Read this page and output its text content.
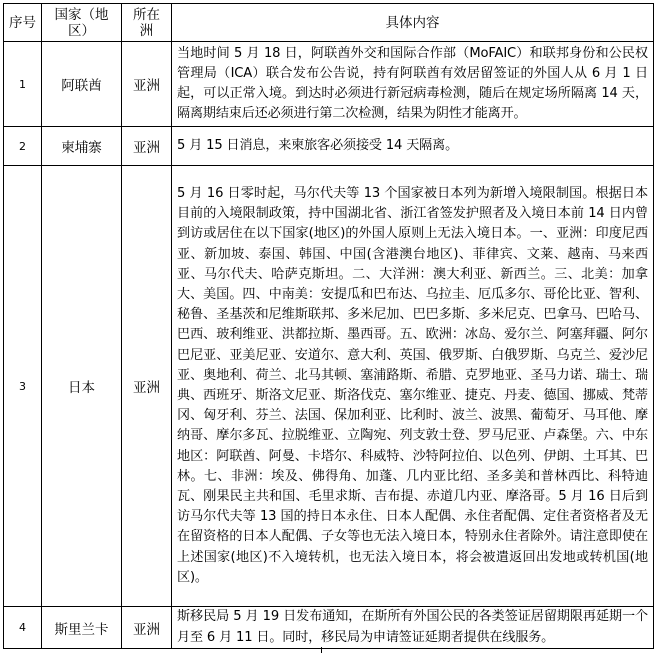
序号	国家（地区）	所在洲	具体内容
1	阿联酋	亚洲	当地时间 5 月 18 日，阿联酋外交和国际合作部（MoFAIC）和联邦身份和公民权管理局（ICA）联合发布公告说，持有阿联酋有效居留签证的外国人从 6 月 1 日起，可以正常入境。到达时必须进行新冠病毒检测，随后在规定场所隔离 14 天，隔离期结束后还必须进行第二次检测，结果为阴性才能离开。
2	柬埔寨	亚洲	5 月 15 日消息，来柬旅客必须接受 14 天隔离。
3	日本	亚洲	5 月 16 日零时起，马尔代夫等 13 个国家被日本列为新增入境限制国。根据日本目前的入境限制政策，持中国湖北省、浙江省签发护照者及入境日本前 14 日内曾到访或居住在以下国家(地区)的外国人原则上无法入境日本。一、亚洲：印度尼西亚、新加坡、泰国、韩国、中国(含港澳台地区)、菲律宾、文莱、越南、马来西亚、马尔代夫、哈萨克斯坦。二、大洋洲：澳大利亚、新西兰。三、北美：加拿大、美国。四、中南美：安提瓜和巴布达、乌拉圭、厄瓜多尔、哥伦比亚、智利、秘鲁、圣基茨和尼维斯联邦、多米尼加、巴巴多斯、多米尼克、巴拿马、巴哈马、巴西、玻利维亚、洪都拉斯、墨西哥。五、欧洲：冰岛、爱尔兰、阿塞拜疆、阿尔巴尼亚、亚美尼亚、安道尔、意大利、英国、俄罗斯、白俄罗斯、乌克兰、爱沙尼亚、奥地利、荷兰、北马其顿、塞浦路斯、希腊、克罗地亚、圣马力诺、瑞士、瑞典、西班牙、斯洛文尼亚、斯洛伐克、塞尔维亚、捷克、丹麦、德国、挪威、梵蒂冈、匈牙利、芬兰、法国、保加利亚、比利时、波兰、波黑、葡萄牙、马耳他、摩纳哥、摩尔多瓦、拉脱维亚、立陶宛、列支敦士登、罗马尼亚、卢森堡。六、中东地区：阿联酋、阿曼、卡塔尔、科威特、沙特阿拉伯、以色列、伊朗、土耳其、巴林。七、非洲：埃及、佛得角、加蓬、几内亚比绍、圣多美和普林西比、科特迪瓦、刚果民主共和国、毛里求斯、吉布提、赤道几内亚、摩洛哥。5 月 16 日后到访马尔代夫等 13 国的持日本永住、日本人配偶、永住者配偶、定住者资格者及无在留资格的日本人配偶、子女等也无法入境日本，特别永住者除外。请注意即使在上述国家(地区)不入境转机，也无法入境日本，将会被遣返回出发地或转机国(地区)。
4	斯里兰卡	亚洲	斯移民局 5 月 19 日发布通知，在斯所有外国公民的各类签证居留期限再延期一个月至 6 月 11 日。同时，移民局为申请签证延期者提供在线服务。
